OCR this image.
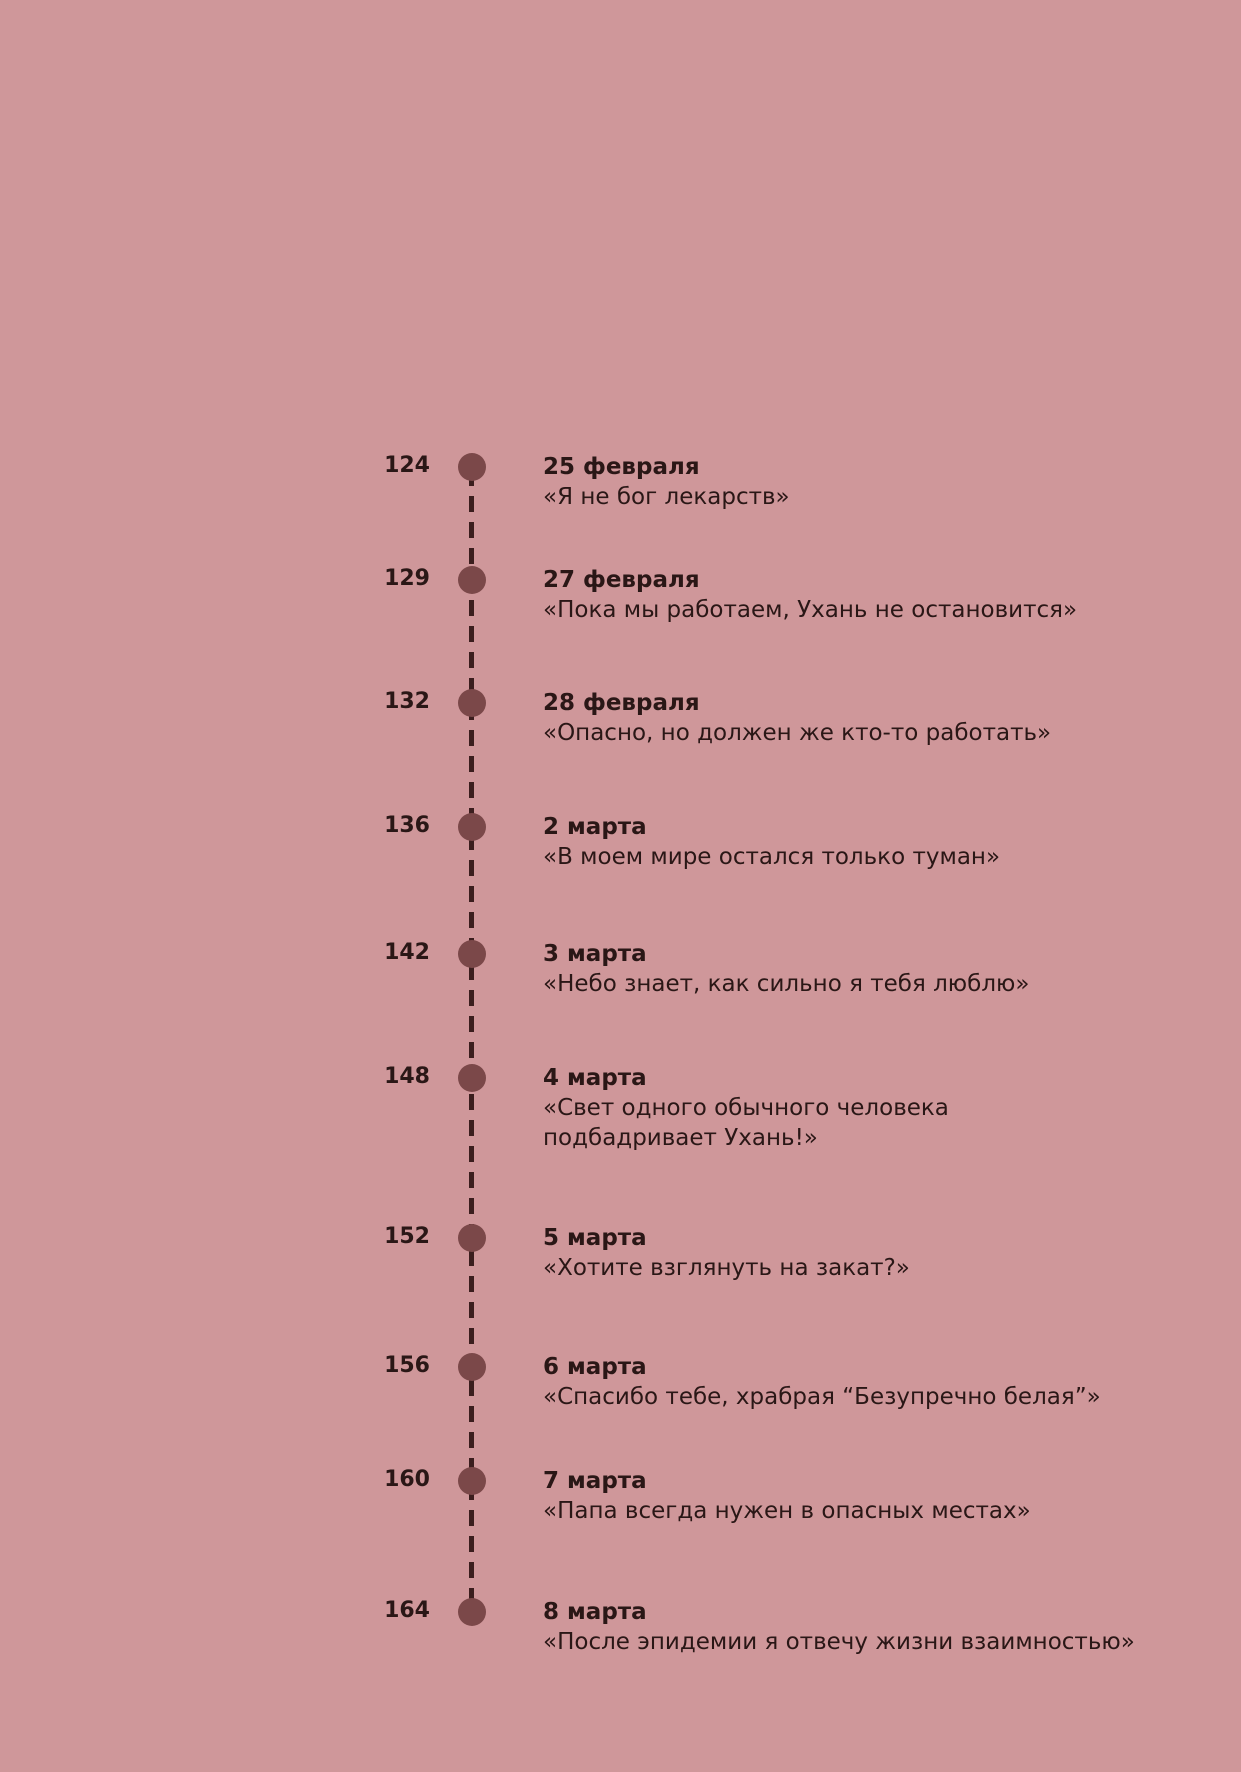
124	25 февраля
«Я не бог лекарств»
129	27 февраля
«Пока мы работаем, Ухань не остановится»
132	28 февраля
«Опасно, но должен же кто-то работать»
136	2 марта
«В моем мире остался только туман»
142	3 марта
«Небо знает, как сильно я тебя люблю»
148	4 марта
«Свет одного обычного человека
подбадривает Ухань!»
152	5 марта
«Хотите взглянуть на закат?»
156	6 марта
«Спасибо тебе, храбрая “Безупречно белая”»
160	7 марта
«Папа всегда нужен в опасных местах»
164	8 марта
«После эпидемии я отвечу жизни взаимностью»
